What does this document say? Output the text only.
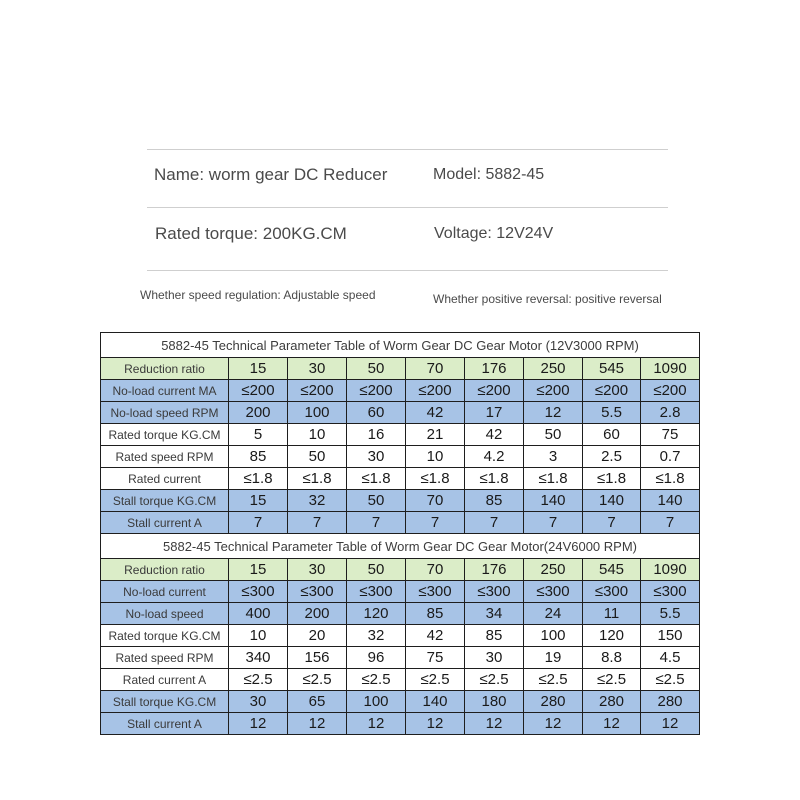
Name: worm gear DC Reducer	Model: 5882-45
Rated torque: 200KG.CM	Voltage: 12V24V
Whether speed regulation: Adjustable speed	Whether positive reversal: positive reversal
5882-45 Technical Parameter Table of Worm Gear DC Gear Motor (12V3000 RPM)								
Reduction ratio	15	30	50	70	176	250	545	1090
No-load current MA	≤200	≤200	≤200	≤200	≤200	≤200	≤200	≤200
No-load speed RPM	200	100	60	42	17	12	5.5	2.8
Rated torque KG.CM	5	10	16	21	42	50	60	75
Rated speed RPM	85	50	30	10	4.2	3	2.5	0.7
Rated current	≤1.8	≤1.8	≤1.8	≤1.8	≤1.8	≤1.8	≤1.8	≤1.8
Stall torque KG.CM	15	32	50	70	85	140	140	140
Stall current A	7	7	7	7	7	7	7	7
5882-45 Technical Parameter Table of Worm Gear DC Gear Motor(24V6000 RPM)								
Reduction ratio	15	30	50	70	176	250	545	1090
No-load current	≤300	≤300	≤300	≤300	≤300	≤300	≤300	≤300
No-load speed	400	200	120	85	34	24	11	5.5
Rated torque KG.CM	10	20	32	42	85	100	120	150
Rated speed RPM	340	156	96	75	30	19	8.8	4.5
Rated current A	≤2.5	≤2.5	≤2.5	≤2.5	≤2.5	≤2.5	≤2.5	≤2.5
Stall torque KG.CM	30	65	100	140	180	280	280	280
Stall current A	12	12	12	12	12	12	12	12
